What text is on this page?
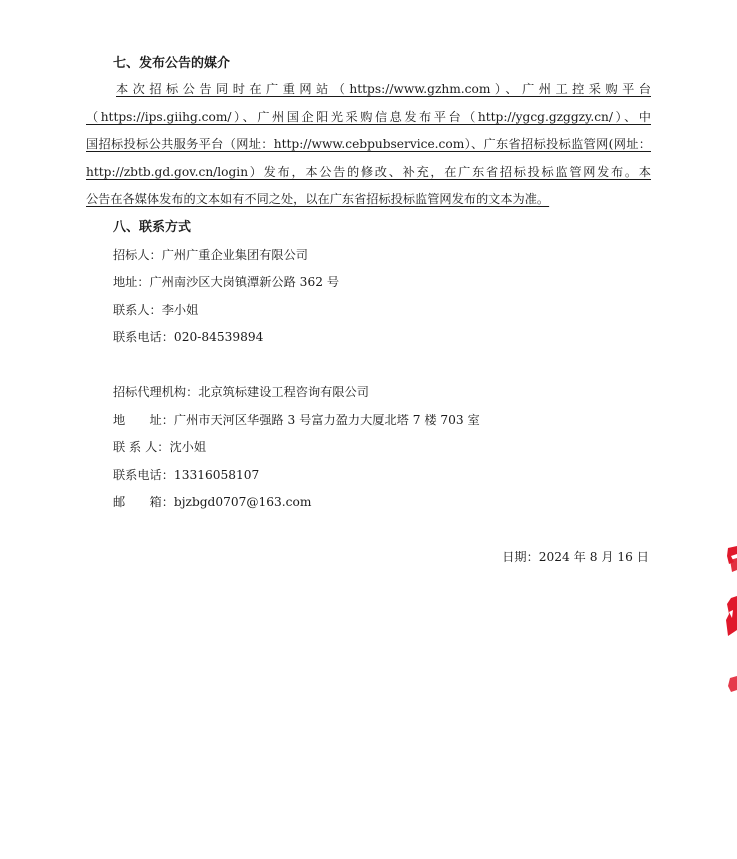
七、发布公告的媒介
本次招标公告同时在广重网站（https://www.gzhm.com）、广州工控采购平台
（https://ips.giihg.com/）、广州国企阳光采购信息发布平台（http://ygcg.gzggzy.cn/）、中
国招标投标公共服务平台（网址：http://www.cebpubservice.com）、广东省招标投标监管网(网址：
http://zbtb.gd.gov.cn/login）发布，本公告的修改、补充，在广东省招标投标监管网发布。本
公告在各媒体发布的文本如有不同之处，以在广东省招标投标监管网发布的文本为准。
八、联系方式
招标人：广州广重企业集团有限公司
地址：广州南沙区大岗镇潭新公路 362 号
联系人：李小姐
联系电话：020-84539894
招标代理机构：北京筑标建设工程咨询有限公司
地　　址：广州市天河区华强路 3 号富力盈力大厦北塔 7 楼 703 室
联 系 人：沈小姐
联系电话：13316058107
邮　　箱：bjzbgd0707@163.com
日期：2024 年 8 月 16 日
